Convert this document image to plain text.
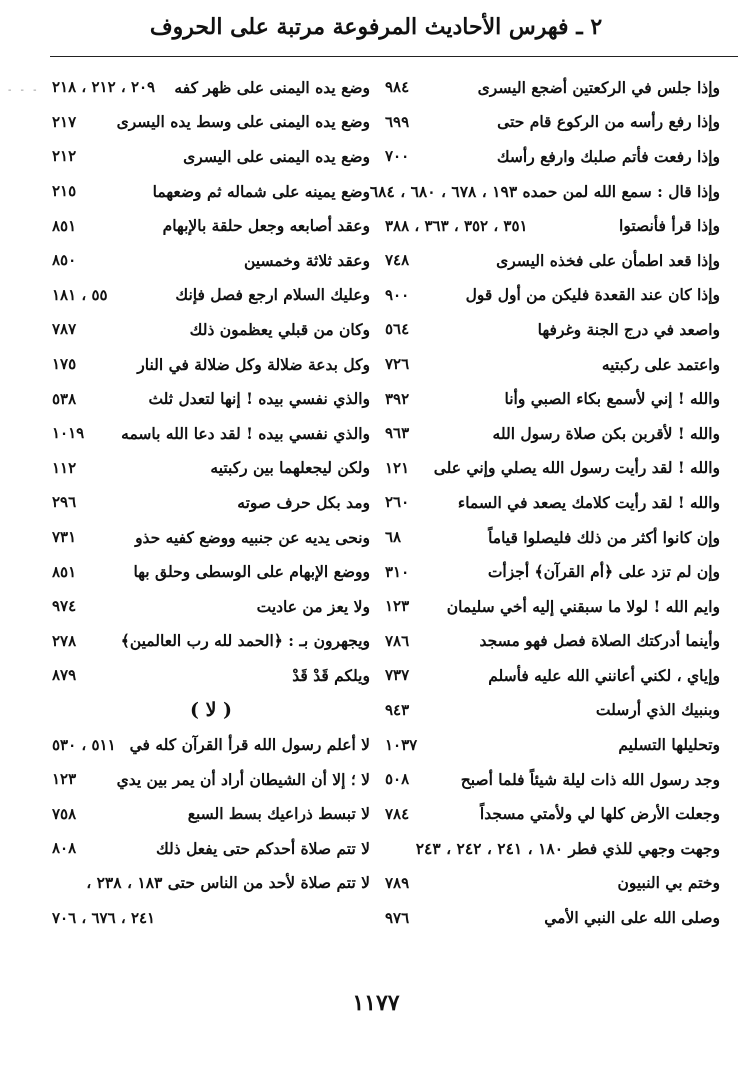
٢ ـ فهرس الأحاديث المرفوعة مرتبة على الحروف
- - -	وإذا جلس في الركعتين أضجع اليسرى
٩٨٤
وإذا رفع رأسه من الركوع قام حتى
٦٩٩
وإذا رفعت فأتم صلبك وارفع رأسك
٧٠٠
وإذا قال : سمع الله لمن حمده ١٩٣ ، ٦٧٨ ، ٦٨٠ ، ٦٨٤
وإذا قرأ فأنصتوا
٣٥١ ، ٣٥٢ ، ٣٦٣ ، ٣٨٨
وإذا قعد اطمأن على فخذه اليسرى
٧٤٨
وإذا كان عند القعدة فليكن من أول قول
٩٠٠
واصعد في درج الجنة وغرفها
٥٦٤
واعتمد على ركبتيه
٧٢٦
والله ! إني لأسمع بكاء الصبي وأنا
٣٩٢
والله ! لأقربن بكن صلاة رسول الله
٩٦٣
والله ! لقد رأيت رسول الله يصلي وإني على
١٢١
والله ! لقد رأيت كلامك يصعد في السماء
٢٦٠
وإن كانوا أكثر من ذلك فليصلوا قياماً
٦٨
وإن لم تزد على ﴿أم القرآن﴾ أجزأت
٣١٠
وايم الله ! لولا ما سبقني إليه أخي سليمان
١٢٣
وأينما أدركتك الصلاة فصل فهو مسجد
٧٨٦
وإياي ، لكني أعانني الله عليه فأسلم
٧٣٧
وبنبيك الذي أرسلت
٩٤٣
وتحليلها التسليم
١٠٣٧
وجد رسول الله ذات ليلة شيئاً فلما أصبح
٥٠٨
وجعلت الأرض كلها لي ولأمتي مسجداً
٧٨٤
وجهت وجهي للذي فطر ١٨٠ ، ٢٤١ ، ٢٤٢ ، ٢٤٣
وختم بي النبيون
٧٨٩
وصلى الله على النبي الأمي
٩٧٦
وضع يده اليمنى على ظهر كفه
٢٠٩ ، ٢١٢ ، ٢١٨
وضع يده اليمنى على وسط يده اليسرى
٢١٧
وضع يده اليمنى على اليسرى
٢١٢
وضع يمينه على شماله ثم وضعهما
٢١٥
وعقد أصابعه وجعل حلقة بالإبهام
٨٥١
وعقد ثلاثة وخمسين
٨٥٠
وعليك السلام ارجع فصل فإنك
٥٥ ، ١٨١
وكان من قبلي يعظمون ذلك
٧٨٧
وكل بدعة ضلالة وكل ضلالة في النار
١٧٥
والذي نفسي بيده ! إنها لتعدل ثلث
٥٣٨
والذي نفسي بيده ! لقد دعا الله باسمه
١٠١٩
ولكن ليجعلهما بين ركبتيه
١١٢
ومد بكل حرف صوته
٢٩٦
ونحى يديه عن جنبيه ووضع كفيه حذو
٧٣١
ووضع الإبهام على الوسطى وحلق بها
٨٥١
ولا يعز من عاديت
٩٧٤
ويجهرون بـ : ﴿الحمد لله رب العالمين﴾
٢٧٨
ويلكم قَدْ قَدْ
٨٧٩
( لا )
لا أعلم رسول الله قرأ القرآن كله في
٥١١ ، ٥٣٠
لا ؛ إلا أن الشيطان أراد أن يمر بين يدي
١٢٣
لا تبسط ذراعيك بسط السبع
٧٥٨
لا تتم صلاة أحدكم حتى يفعل ذلك
٨٠٨
لا تتم صلاة لأحد من الناس حتى ١٨٣ ، ٢٣٨ ،
٢٤١ ، ٦٧٦ ، ٧٠٦
١١٧٧
